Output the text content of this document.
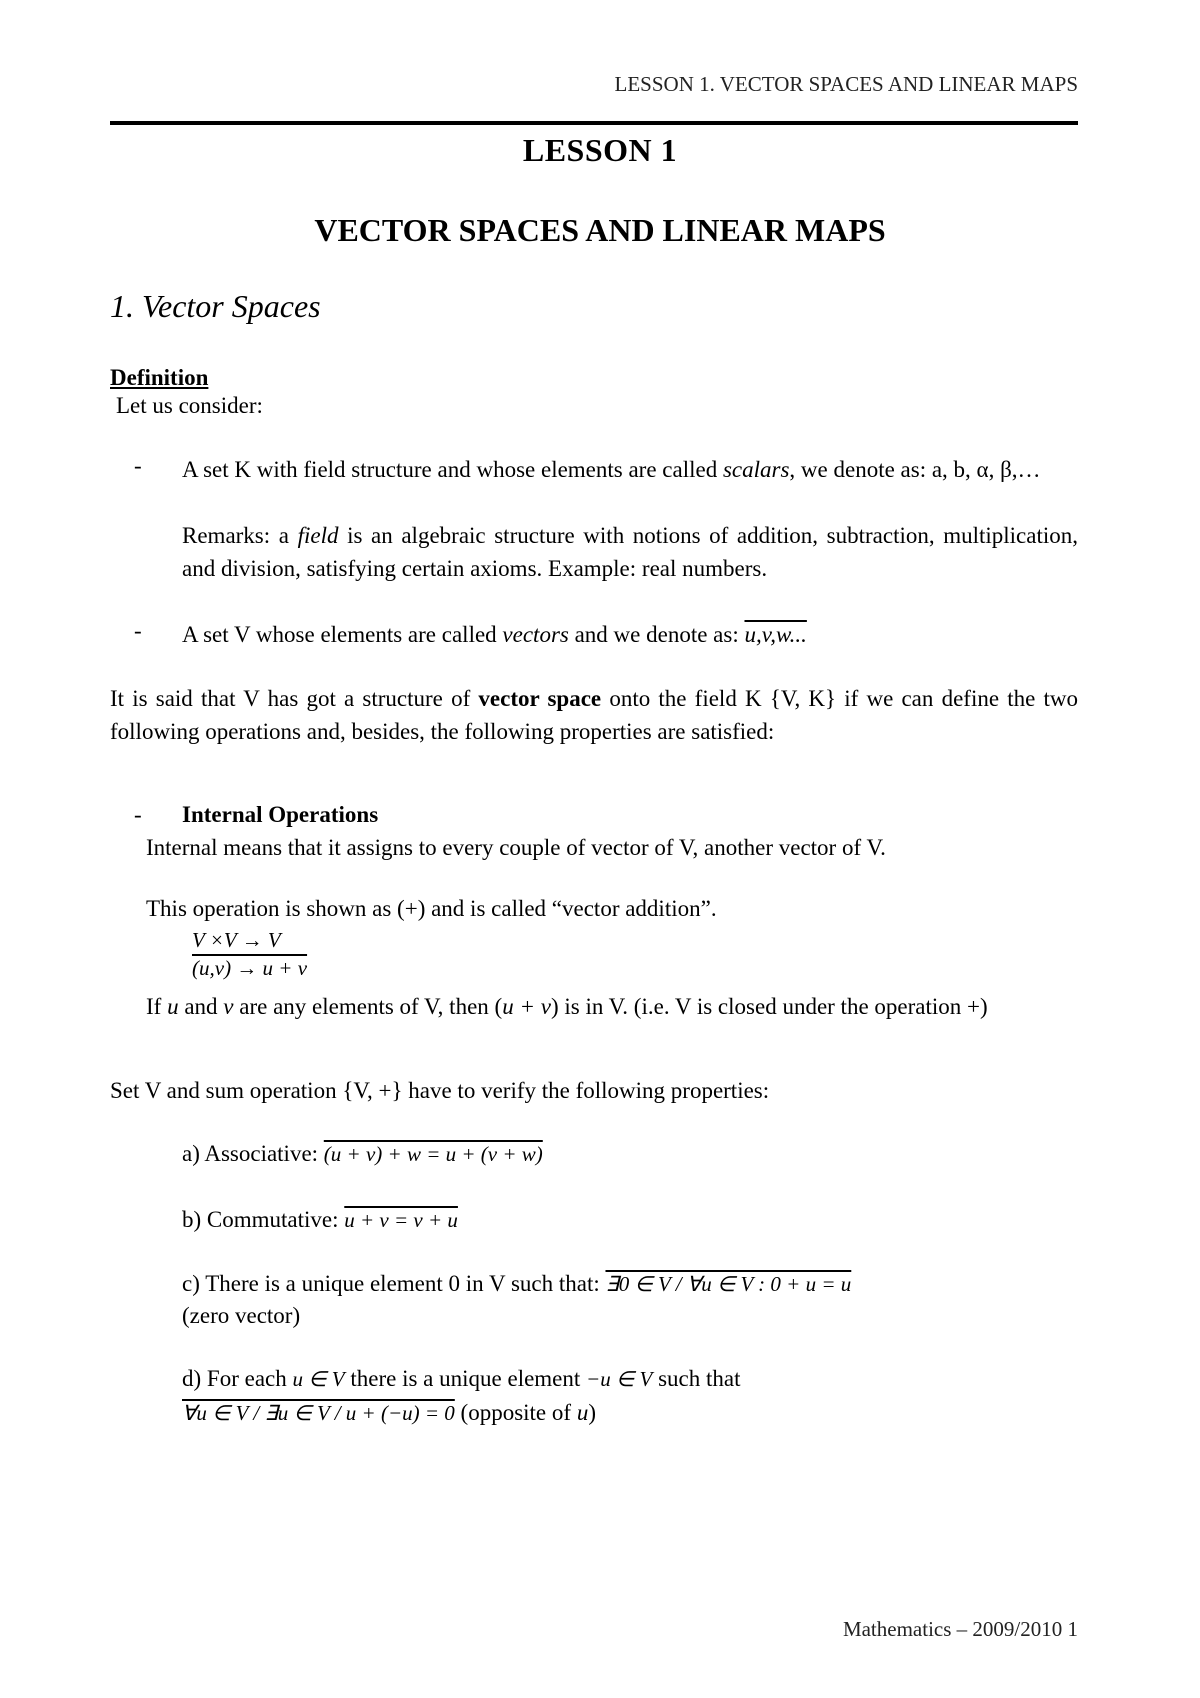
LESSON 1. VECTOR SPACES AND LINEAR MAPS
LESSON 1
VECTOR SPACES AND LINEAR MAPS
1. Vector Spaces
Definition
Let us consider:
- A set K with field structure and whose elements are called scalars, we denote as: a, b, α, β,…
Remarks: a field is an algebraic structure with notions of addition, subtraction, multiplication, and division, satisfying certain axioms. Example: real numbers.
- A set V whose elements are called vectors and we denote as: u,v,w...
It is said that V has got a structure of vector space onto the field K {V, K} if we can define the two following operations and, besides, the following properties are satisfied:
- Internal Operations
Internal means that it assigns to every couple of vector of V, another vector of V.
This operation is shown as (+) and is called “vector addition”.
V ×V → V
(u,v) → u + v
If u and v are any elements of V, then (u + v) is in V. (i.e. V is closed under the operation +)
Set V and sum operation {V, +} have to verify the following properties:
a) Associative: (u + v) + w = u + (v + w)
b) Commutative: u + v = v + u
c) There is a unique element 0 in V such that: ∃0 ∈ V / ∀u ∈ V : 0 + u = u
(zero vector)
d) For each u ∈ V there is a unique element −u ∈ V such that
∀u ∈ V / ∃u ∈ V / u + (−u) = 0 (opposite of u)
Mathematics – 2009/2010 1
